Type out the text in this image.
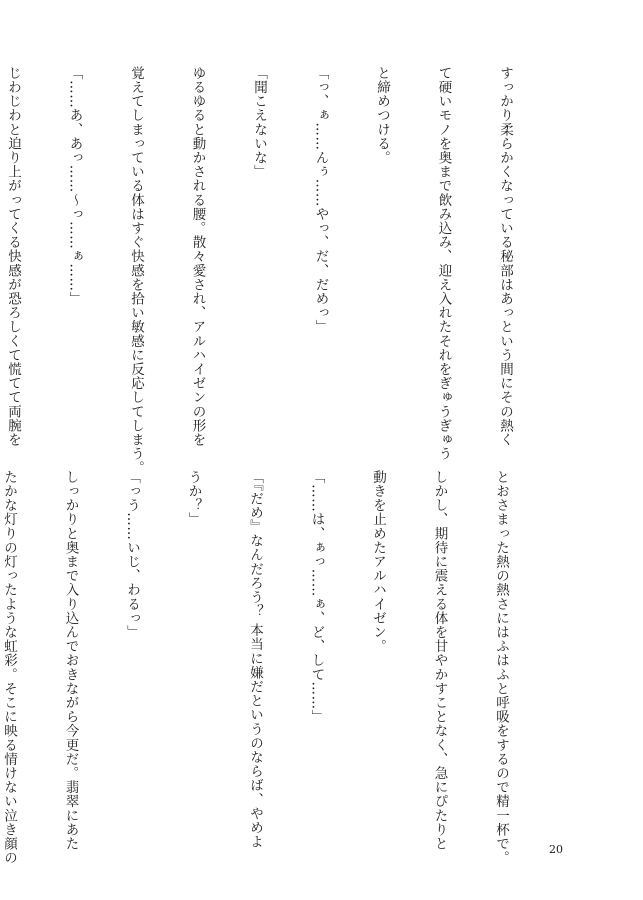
すっかり柔らかくなっている秘部はあっという間にその熱く

て硬いモノを奥まで飲み込み、迎え入れたそれをぎゅうぎゅう

と締めつける。

「っ、ぁ……んぅ……やっ、だ、だめっ」

「聞こえないな」

ゆるゆると動かされる腰。散々愛され、アルハイゼンの形を

覚えてしまっている体はすぐ快感を拾い敏感に反応してしまう。

「……あ、あっ……～っ……ぁ……」

じわじわと迫り上がってくる快感が恐ろしくて慌てて両腕を

とおさまった熱の熱さにはふはふと呼吸をするので精一杯で。

しかし、期待に震える体を甘やかすことなく、急にぴたりと

動きを止めたアルハイゼン。

「……は、ぁっ……ぁ、ど、して……」

「『だめ』なんだろう？ 本当に嫌だというのならば、やめよ

うか？」

「っう……いじ、わるっ」

しっかりと奥まで入り込んでおきながら今更だ。翡翠にあた

たかな灯りの灯ったような虹彩。そこに映る情けない泣き顔の

	20
